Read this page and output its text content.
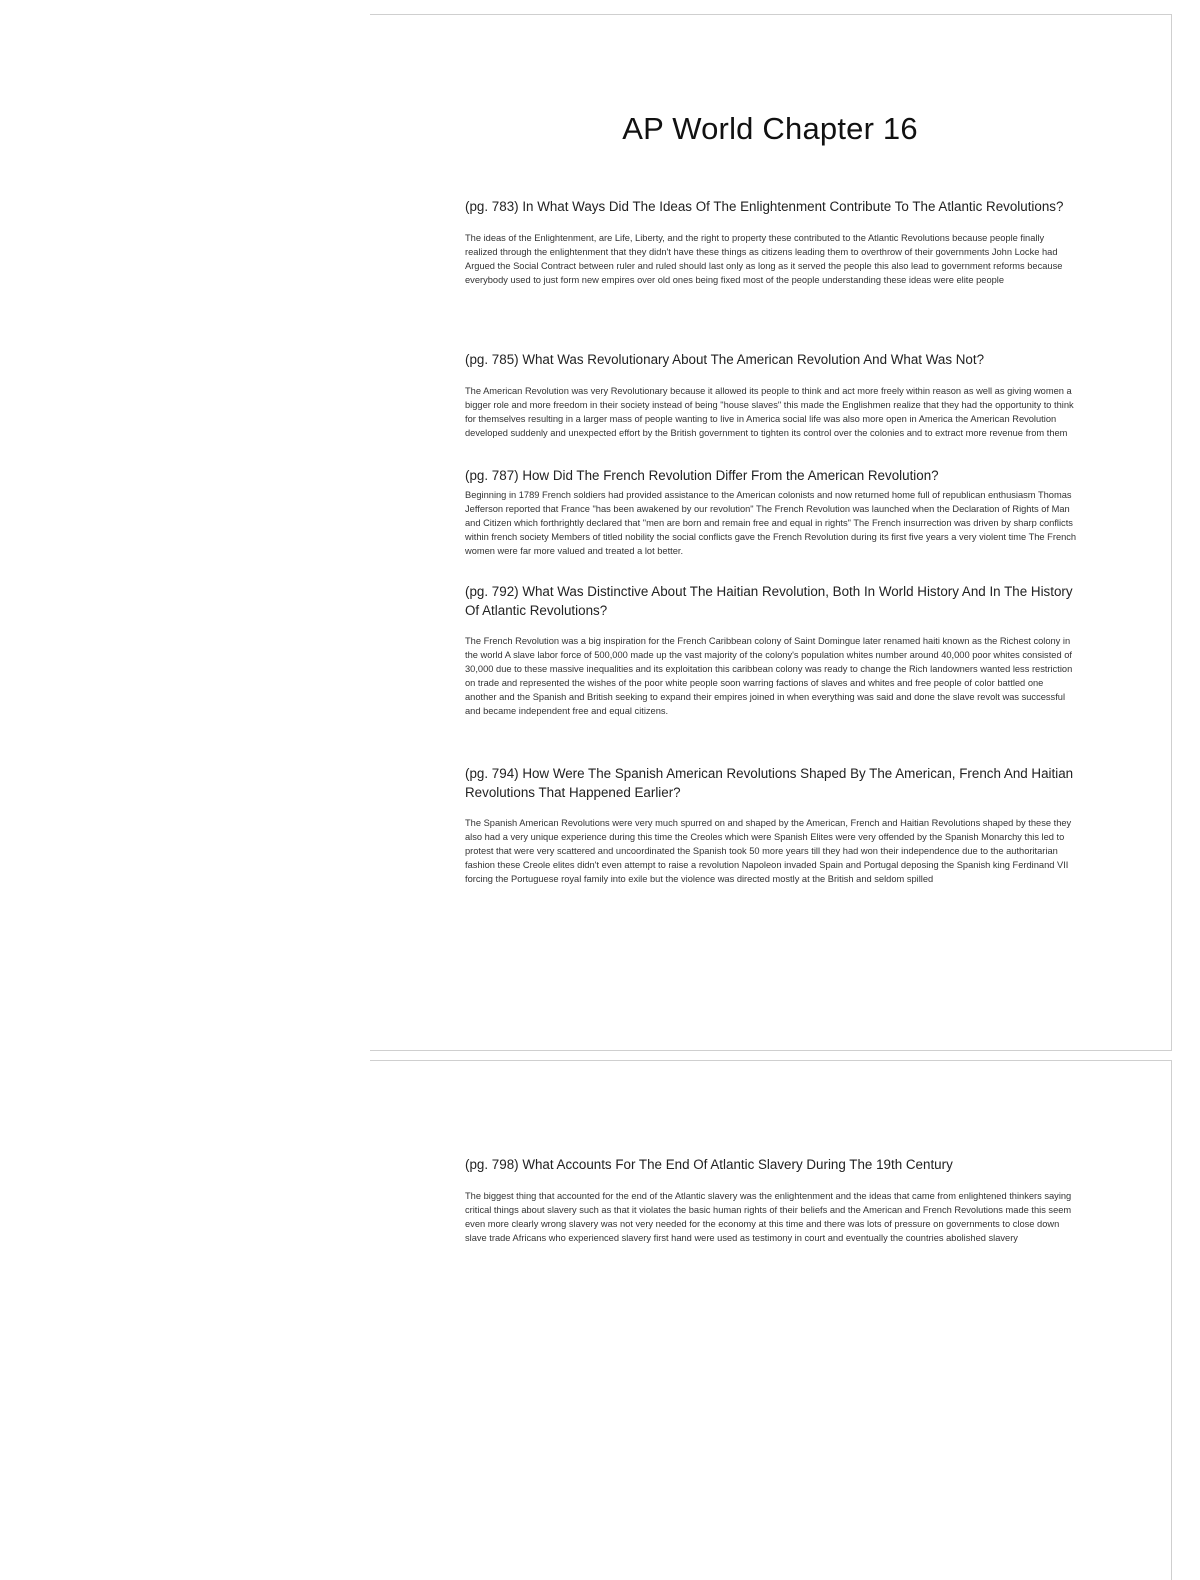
AP World Chapter 16
(pg. 783) In What Ways Did The Ideas Of The Enlightenment Contribute To The Atlantic Revolutions?

The ideas of the Enlightenment, are Life, Liberty, and the right to property these contributed to the Atlantic Revolutions because people finally realized through the enlightenment that they didn't have these things as citizens leading them to overthrow of their governments John Locke had Argued the Social Contract between ruler and ruled should last only as long as it served the people this also lead to government reforms because everybody used to just form new empires over old ones being fixed most of the people understanding these ideas were elite people

(pg. 785) What Was Revolutionary About The American Revolution And What Was Not?

The American Revolution was very Revolutionary because it allowed its people to think and act more freely within reason as well as giving women a bigger role and more freedom in their society instead of being "house slaves" this made the Englishmen realize that they had the opportunity to think for themselves resulting in a larger mass of people wanting to live in America social life was also more open in America the American Revolution developed suddenly and unexpected effort by the British government to tighten its control over the colonies and to extract more revenue from them

(pg. 787) How Did The French Revolution Differ From the American Revolution?

Beginning in 1789 French soldiers had provided assistance to the American colonists and now returned home full of republican enthusiasm Thomas Jefferson reported that France "has been awakened by our revolution" The French Revolution was launched when the Declaration of Rights of Man and Citizen which forthrightly declared that "men are born and remain free and equal in rights" The French insurrection was driven by sharp conflicts within french society Members of titled nobility the social conflicts gave the French Revolution during its first five years a very violent time The French women were far more valued and treated a lot better.

(pg. 792) What Was Distinctive About The Haitian Revolution, Both In World History And In The History Of Atlantic Revolutions?

The French Revolution was a big inspiration for the French Caribbean colony of Saint Domingue later renamed haiti known as the Richest colony in the world A slave labor force of 500,000 made up the vast majority of the colony's population whites number around 40,000 poor whites consisted of 30,000 due to these massive inequalities and its exploitation this caribbean colony was ready to change the Rich landowners wanted less restriction on trade and represented the wishes of the poor white people soon warring factions of slaves and whites and free people of color battled one another and the Spanish and British seeking to expand their empires joined in when everything was said and done the slave revolt was successful and became independent free and equal citizens.

(pg. 794) How Were The Spanish American Revolutions Shaped By The American, French And Haitian Revolutions That Happened Earlier?

The Spanish American Revolutions were very much spurred on and shaped by the American, French and Haitian Revolutions shaped by these they also had a very unique experience during this time the Creoles which were Spanish Elites were very offended by the Spanish Monarchy this led to protest that were very scattered and uncoordinated the Spanish took 50 more years till they had won their independence due to the authoritarian fashion these Creole elites didn't even attempt to raise a revolution Napoleon invaded Spain and Portugal deposing the Spanish king Ferdinand VII forcing the Portuguese royal family into exile but the violence was directed mostly at the British and seldom spilled

(pg. 798) What Accounts For The End Of Atlantic Slavery During The 19th Century

The biggest thing that accounted for the end of the Atlantic slavery was the enlightenment and the ideas that came from enlightened thinkers saying critical things about slavery such as that it violates the basic human rights of their beliefs and the American and French Revolutions made this seem even more clearly wrong slavery was not very needed for the economy at this time and there was lots of pressure on governments to close down slave trade Africans who experienced slavery first hand were used as testimony in court and eventually the countries abolished slavery
